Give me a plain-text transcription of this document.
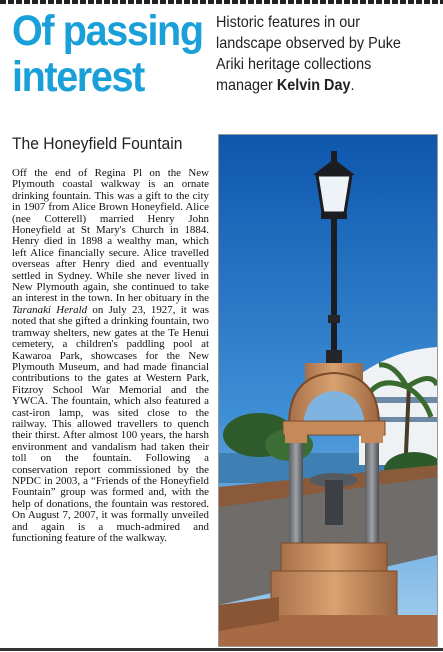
Of passing
interest
Historic features in our landscape observed by Puke Ariki heritage collections manager Kelvin Day.
The Honeyfield Fountain
Off the end of Regina Pl on the New Plymouth coastal walkway is an ornate drinking fountain. This was a gift to the city in 1907 from Alice Brown Honeyfield. Alice (nee Cotterell) married Henry John Honeyfield at St Mary's Church in 1884. Henry died in 1898 a wealthy man, which left Alice financially secure. Alice travelled overseas after Henry died and eventually settled in Sydney. While she never lived in New Plymouth again, she continued to take an interest in the town. In her obituary in the Taranaki Herald on July 23, 1927, it was noted that she gifted a drinking fountain, two tramway shelters, new gates at the Te Henui cemetery, a children's paddling pool at Kawaroa Park, showcases for the New Plymouth Museum, and had made financial contributions to the gates at Western Park, Fitzroy School War Memorial and the YWCA. The fountain, which also featured a cast-iron lamp, was sited close to the railway. This allowed travellers to quench their thirst. After almost 100 years, the harsh environment and vandalism had taken their toll on the fountain. Following a conservation report commissioned by the NPDC in 2003, a “Friends of the Honeyfield Fountain” group was formed and, with the help of donations, the fountain was restored. On August 7, 2007, it was formally unveiled and again is a much-admired and functioning feature of the walkway.
